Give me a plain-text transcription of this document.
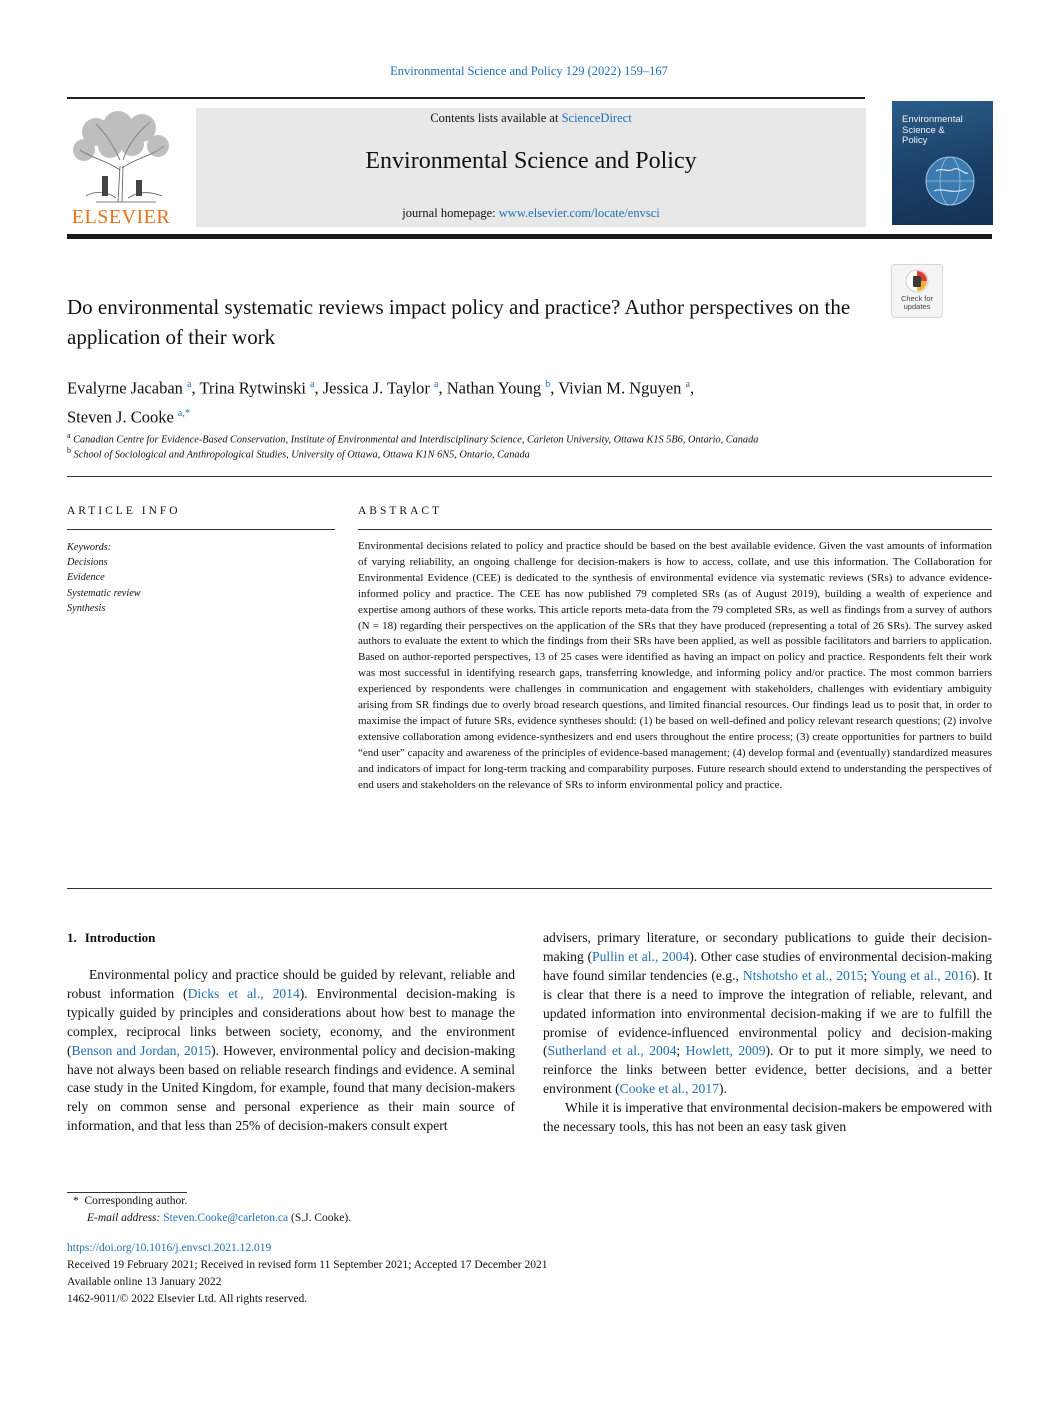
Environmental Science and Policy 129 (2022) 159–167
ELSEVIER
Contents lists available at ScienceDirect
Environmental Science and Policy
journal homepage: www.elsevier.com/locate/envsci
Environmental
Science &
Policy
Do environmental systematic reviews impact policy and practice? Author perspectives on the application of their work
Check for
updates
Evalyrne Jacaban $^a$, Trina Rytwinski $^a$, Jessica J. Taylor $^a$, Nathan Young $^b$, Vivian M. Nguyen $^a$,
Steven J. Cooke $^{a,*}$
$^a$ Canadian Centre for Evidence-Based Conservation, Institute of Environmental and Interdisciplinary Science, Carleton University, Ottawa K1S 5B6, Ontario, Canada
$^b$ School of Sociological and Anthropological Studies, University of Ottawa, Ottawa K1N 6N5, Ontario, Canada
ARTICLE INFO
Keywords:
Decisions
Evidence
Systematic review
Synthesis
ABSTRACT
Environmental decisions related to policy and practice should be based on the best available evidence. Given the vast amounts of information of varying reliability, an ongoing challenge for decision-makers is how to access, collate, and use this information. The Collaboration for Environmental Evidence (CEE) is dedicated to the synthesis of environmental evidence via systematic reviews (SRs) to advance evidence-informed policy and practice. The CEE has now published 79 completed SRs (as of August 2019), building a wealth of experience and expertise among authors of these works. This article reports meta-data from the 79 completed SRs, as well as findings from a survey of authors (N = 18) regarding their perspectives on the application of the SRs that they have produced (representing a total of 26 SRs). The survey asked authors to evaluate the extent to which the findings from their SRs have been applied, as well as possible facilitators and barriers to application. Based on author-reported perspectives, 13 of 25 cases were identified as having an impact on policy and practice. Respondents felt their work was most successful in identifying research gaps, transferring knowledge, and informing policy and/or practice. The most common barriers experienced by respondents were challenges in communication and engagement with stakeholders, challenges with evidentiary ambiguity arising from SR findings due to overly broad research questions, and limited financial resources. Our findings lead us to posit that, in order to maximise the impact of future SRs, evidence syntheses should: (1) be based on well-defined and policy relevant research questions; (2) involve extensive collaboration among evidence-synthesizers and end users throughout the entire process; (3) create opportunities for partners to build “end user” capacity and awareness of the principles of evidence-based management; (4) develop formal and (eventually) standardized measures and indicators of impact for long-term tracking and comparability purposes. Future research should extend to understanding the perspectives of end users and stakeholders on the relevance of SRs to inform environmental policy and practice.
1. Introduction

Environmental policy and practice should be guided by relevant, reliable and robust information (Dicks et al., 2014). Environmental decision-making is typically guided by principles and considerations about how best to manage the complex, reciprocal links between society, economy, and the environment (Benson and Jordan, 2015). However, environmental policy and decision-making have not always been based on reliable research findings and evidence. A seminal case study in the United Kingdom, for example, found that many decision-makers rely on common sense and personal experience as their main source of information, and that less than 25% of decision-makers consult expert

advisers, primary literature, or secondary publications to guide their decision-making (Pullin et al., 2004). Other case studies of environmental decision-making have found similar tendencies (e.g., Ntshotsho et al., 2015; Young et al., 2016). It is clear that there is a need to improve the integration of reliable, relevant, and updated information into environmental decision-making if we are to fulfill the promise of evidence-influenced environmental policy and decision-making (Sutherland et al., 2004; Howlett, 2009). Or to put it more simply, we need to reinforce the links between better evidence, better decisions, and a better environment (Cooke et al., 2017).

While it is imperative that environmental decision-makers be empowered with the necessary tools, this has not been an easy task given

* Corresponding author.
E-mail address: Steven.Cooke@carleton.ca (S.J. Cooke).
https://doi.org/10.1016/j.envsci.2021.12.019
Received 19 February 2021; Received in revised form 11 September 2021; Accepted 17 December 2021
Available online 13 January 2022
1462-9011/© 2022 Elsevier Ltd. All rights reserved.
